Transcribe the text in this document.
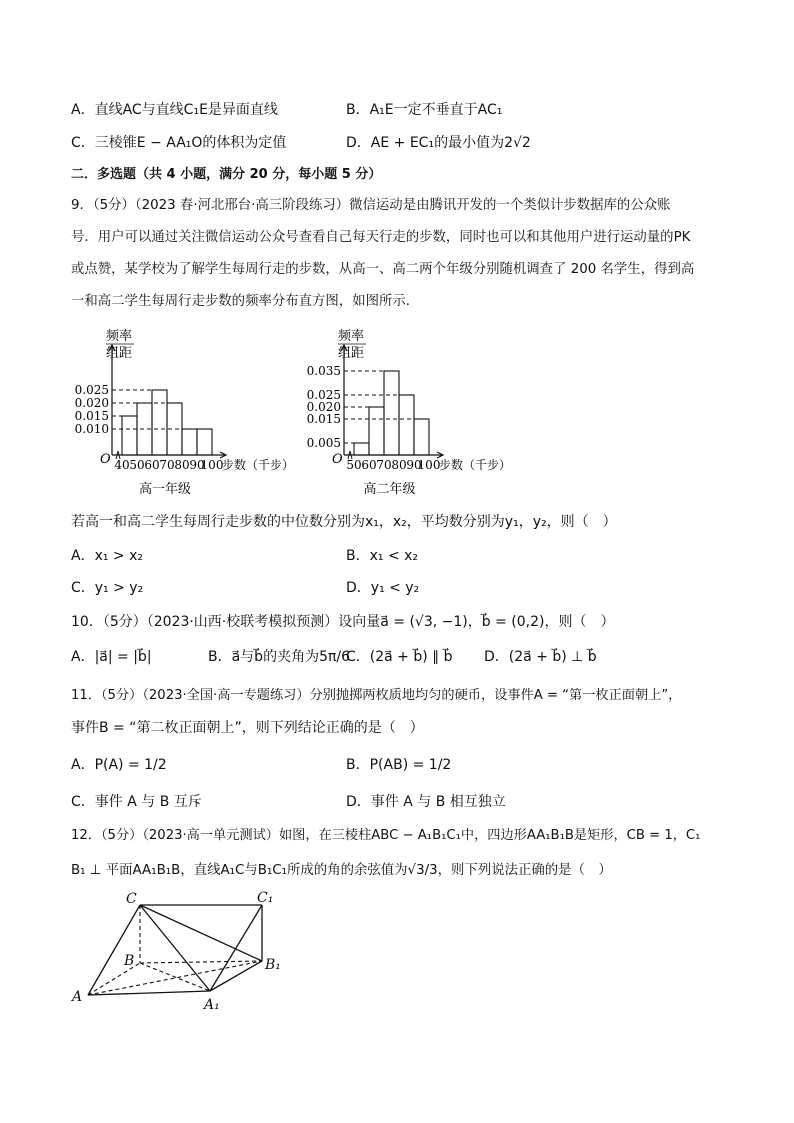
A．直线AC与直线C₁E是异面直线	B．A₁E一定不垂直于AC₁
C．三棱锥E − AA₁O的体积为定值	D．AE + EC₁的最小值为2√2
二．多选题（共 4 小题，满分 20 分，每小题 5 分）
9．（5分）（2023 春·河北邢台·高三阶段练习）微信运动是由腾讯开发的一个类似计步数据库的公众账
号．用户可以通过关注微信运动公众号查看自己每天行走的步数，同时也可以和其他用户进行运动量的PK
或点赞，某学校为了解学生每周行走的步数，从高一、高二两个年级分别随机调查了 200 名学生，得到高
一和高二学生每周行走步数的频率分布直方图，如图所示．
频率
组距
O
0.025
0.020
0.015
0.010
40 50 60 70 80 90
100
步数（千步）
高一年级
频率
组距
O
0.035
0.025
0.020
0.015
0.005
50 60 70 80 90
100
步数（千步）
高二年级
若高一和高二学生每周行走步数的中位数分别为x₁，x₂，平均数分别为y₁，y₂，则（　）
A．x₁ > x₂	B．x₁ < x₂
C．y₁ > y₂	D．y₁ < y₂
10．（5分）（2023·山西·校联考模拟预测）设向量a⃗ = (√3, −1)，b⃗ = (0,2)，则（　）
A．|a⃗| = |b⃗|	B．a⃗与b⃗的夹角为5π/6
C．(2a⃗ + b⃗) ∥ b⃗ D．(2a⃗ + b⃗) ⊥ b⃗
11．（5分）（2023·全国·高一专题练习）分别抛掷两枚质地均匀的硬币，设事件A = “第一枚正面朝上”，
事件B = “第二枚正面朝上”，则下列结论正确的是（　）
A．P(A) = 1/2	B．P(AB) = 1/2
C．事件 A 与 B 互斥	D．事件 A 与 B 相互独立
12．（5分）（2023·高一单元测试）如图，在三棱柱ABC − A₁B₁C₁中，四边形AA₁B₁B是矩形，CB = 1，C₁
B₁ ⊥ 平面AA₁B₁B，直线A₁C与B₁C₁所成的角的余弦值为√3/3，则下列说法正确的是（　）
C	C₁
B	B₁
A	A₁
